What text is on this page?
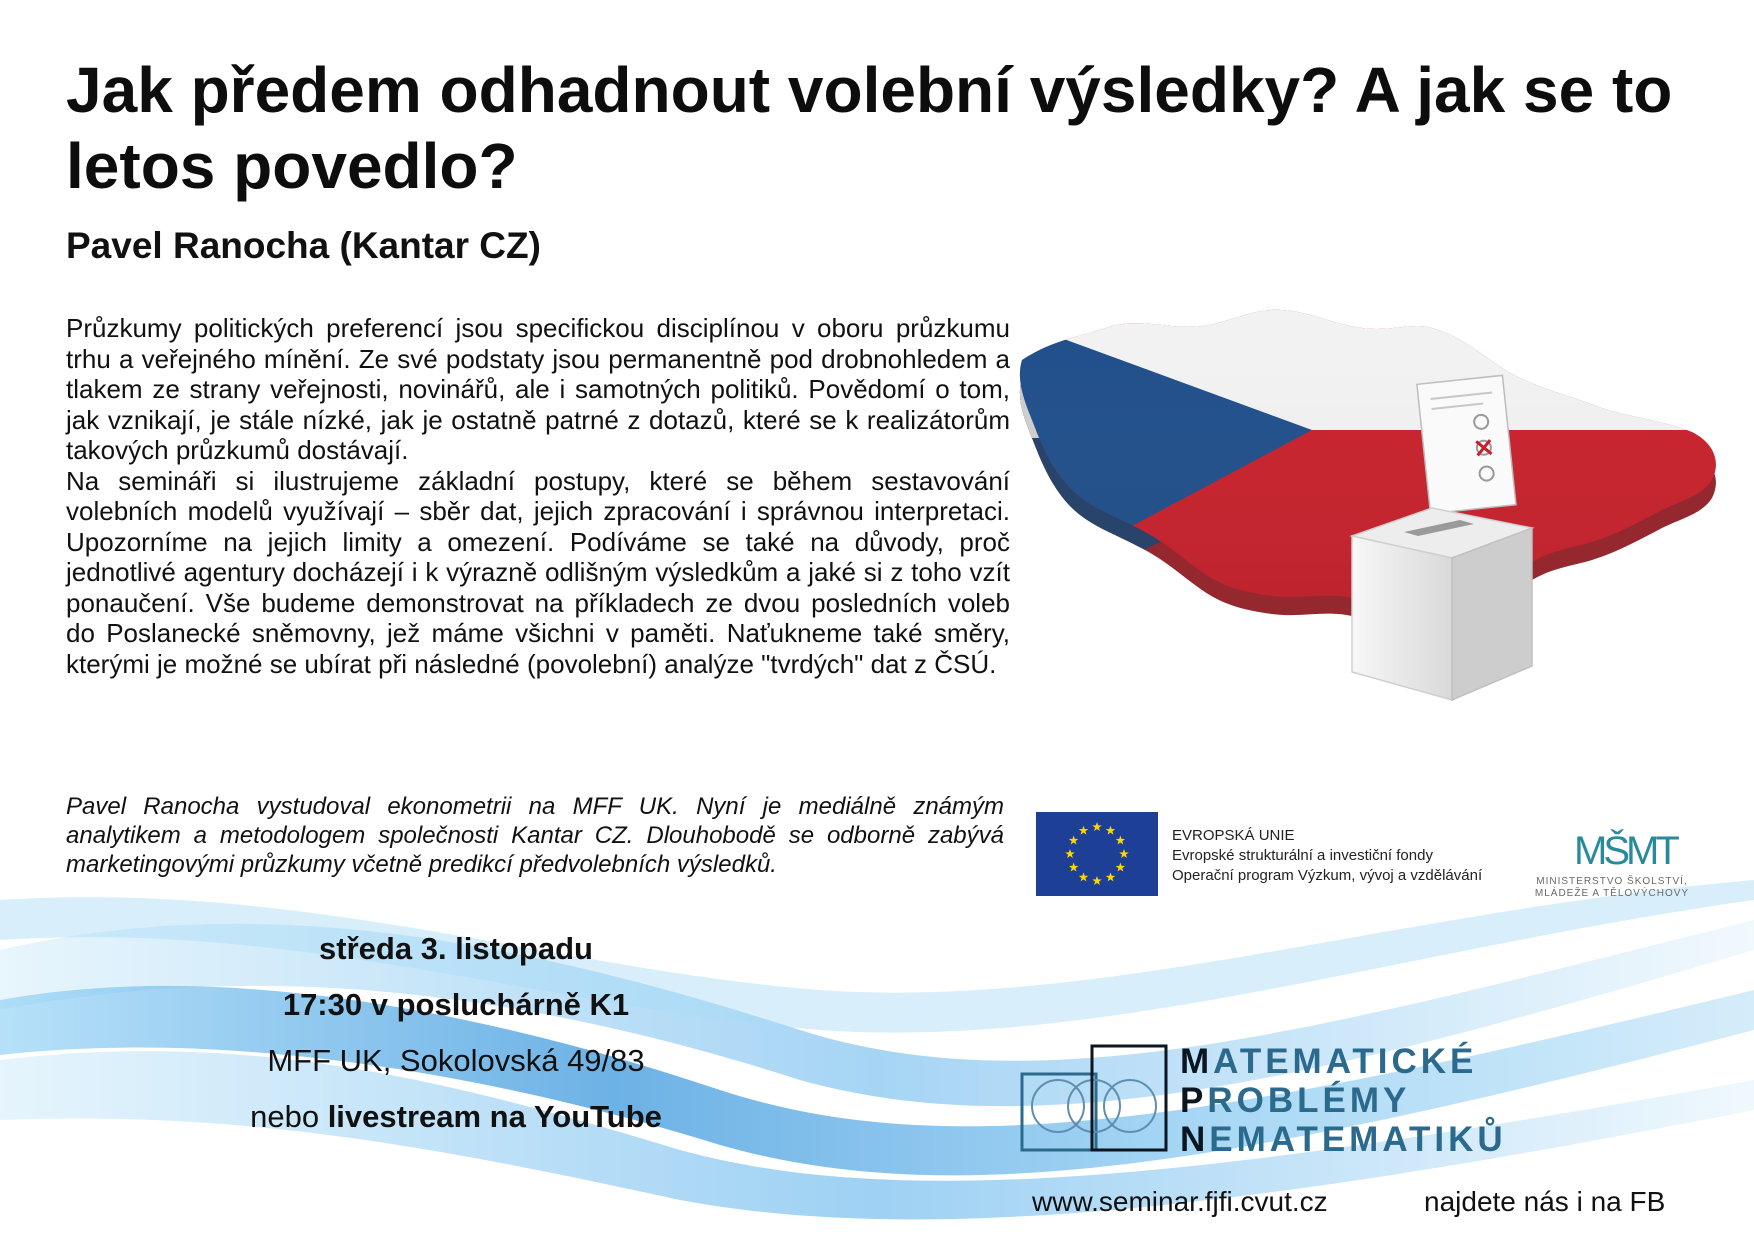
Jak předem odhadnout volební výsledky? A jak se to letos povedlo?
Pavel Ranocha (Kantar CZ)

Průzkumy politických preferencí jsou specifickou disciplínou v oboru průzkumu trhu a veřejného mínění. Ze své podstaty jsou permanentně pod drobnohledem a tlakem ze strany veřejnosti, novinářů, ale i samotných politiků. Povědomí o tom, jak vznikají, je stále nízké, jak je ostatně patrné z dotazů, které se k realizátorům takových průzkumů dostávají.

Na semináři si ilustrujeme základní postupy, které se během sestavování volebních modelů využívají – sběr dat, jejich zpracování i správnou interpretaci. Upozorníme na jejich limity a omezení. Podíváme se také na důvody, proč jednotlivé agentury docházejí i k výrazně odlišným výsledkům a jaké si z toho vzít ponaučení. Vše budeme demonstrovat na příkladech ze dvou posledních voleb do Poslanecké sněmovny, jež máme všichni v paměti. Naťukneme také směry, kterými je možné se ubírat při následné (povolební) analýze "tvrdých" dat z ČSÚ.

Pavel Ranocha vystudoval ekonometrii na MFF UK. Nyní je mediálně známým analytikem a metodologem společnosti Kantar CZ. Dlouhobodě se odborně zabývá marketingovými průzkumy včetně predikcí předvolebních výsledků.
středa 3. listopadu
17:30 v posluchárně K1
MFF UK, Sokolovská 49/83
nebo livestream na YouTube
EVROPSKÁ UNIE
Evropské strukturální a investiční fondy
Operační program Výzkum, vývoj a vzdělávání
MŠMT
MINISTERSTVO ŠKOLSTVÍ,
MLÁDEŽE A TĚLOVÝCHOVY
MATEMATICKÉ
PROBLÉMY
NEMATEMATIKŮ
www.seminar.fjfi.cvut.cz	najdete nás i na FB
